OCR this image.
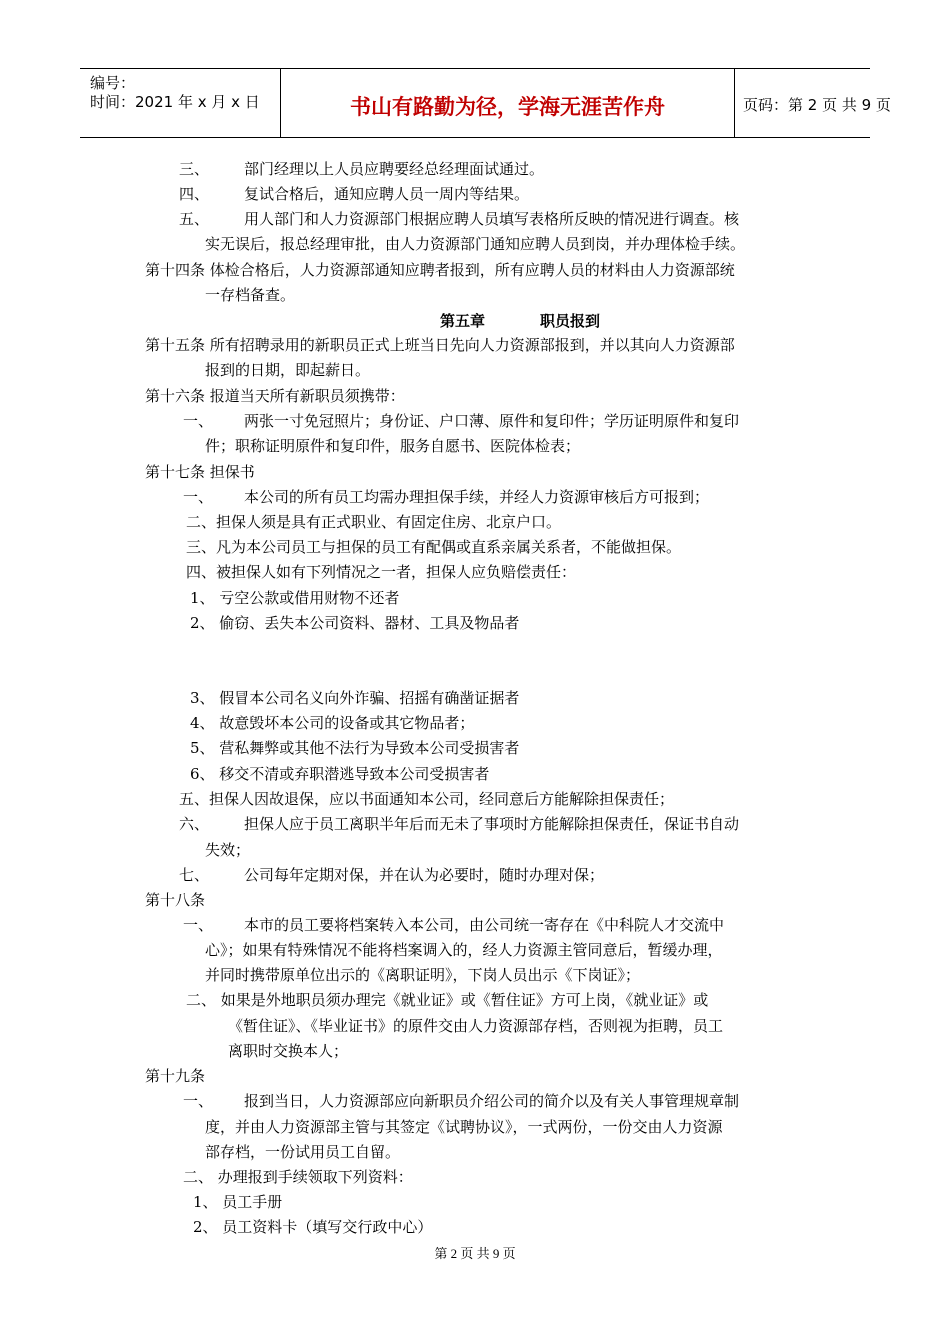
编号：
时间：2021 年 x 月 x 日	书山有路勤为径，学海无涯苦作舟	页码：第 2 页 共 9 页
三、 部门经理以上人员应聘要经总经理面试通过。
四、 复试合格后，通知应聘人员一周内等结果。
五、 用人部门和人力资源部门根据应聘人员填写表格所反映的情况进行调查。核
实无误后，报总经理审批，由人力资源部门通知应聘人员到岗，并办理体检手续。
第十四条 体检合格后，人力资源部通知应聘者报到，所有应聘人员的材料由人力资源部统
一存档备查。
第五章	职员报到
第十五条 所有招聘录用的新职员正式上班当日先向人力资源部报到，并以其向人力资源部
报到的日期，即起薪日。
第十六条 报道当天所有新职员须携带：
一、 两张一寸免冠照片；身份证、户口薄、原件和复印件；学历证明原件和复印
件；职称证明原件和复印件，服务自愿书、医院体检表；
第十七条 担保书
一、 本公司的所有员工均需办理担保手续，并经人力资源审核后方可报到；
二、担保人须是具有正式职业、有固定住房、北京户口。
三、凡为本公司员工与担保的员工有配偶或直系亲属关系者，不能做担保。
四、被担保人如有下列情况之一者，担保人应负赔偿责任：
1、 亏空公款或借用财物不还者
2、 偷窃、丢失本公司资料、器材、工具及物品者
3、 假冒本公司名义向外诈骗、招摇有确凿证据者
4、 故意毁坏本公司的设备或其它物品者；
5、 营私舞弊或其他不法行为导致本公司受损害者
6、 移交不清或弃职潜逃导致本公司受损害者
五、担保人因故退保，应以书面通知本公司，经同意后方能解除担保责任；
六、 担保人应于员工离职半年后而无未了事项时方能解除担保责任，保证书自动
失效；
七、 公司每年定期对保，并在认为必要时，随时办理对保；
第十八条
一、 本市的员工要将档案转入本公司，由公司统一寄存在《中科院人才交流中
心》；如果有特殊情况不能将档案调入的，经人力资源主管同意后，暂缓办理，
并同时携带原单位出示的《离职证明》，下岗人员出示《下岗证》；
二、 如果是外地职员须办理完《就业证》或《暂住证》方可上岗，《就业证》或
《暂住证》、《毕业证书》的原件交由人力资源部存档，否则视为拒聘，员工
离职时交换本人；
第十九条
一、 报到当日，人力资源部应向新职员介绍公司的简介以及有关人事管理规章制
度，并由人力资源部主管与其签定《试聘协议》，一式两份，一份交由人力资源
部存档，一份试用员工自留。
二、 办理报到手续领取下列资料：
1、 员工手册
2、 员工资料卡（填写交行政中心）
第 2 页 共 9 页
